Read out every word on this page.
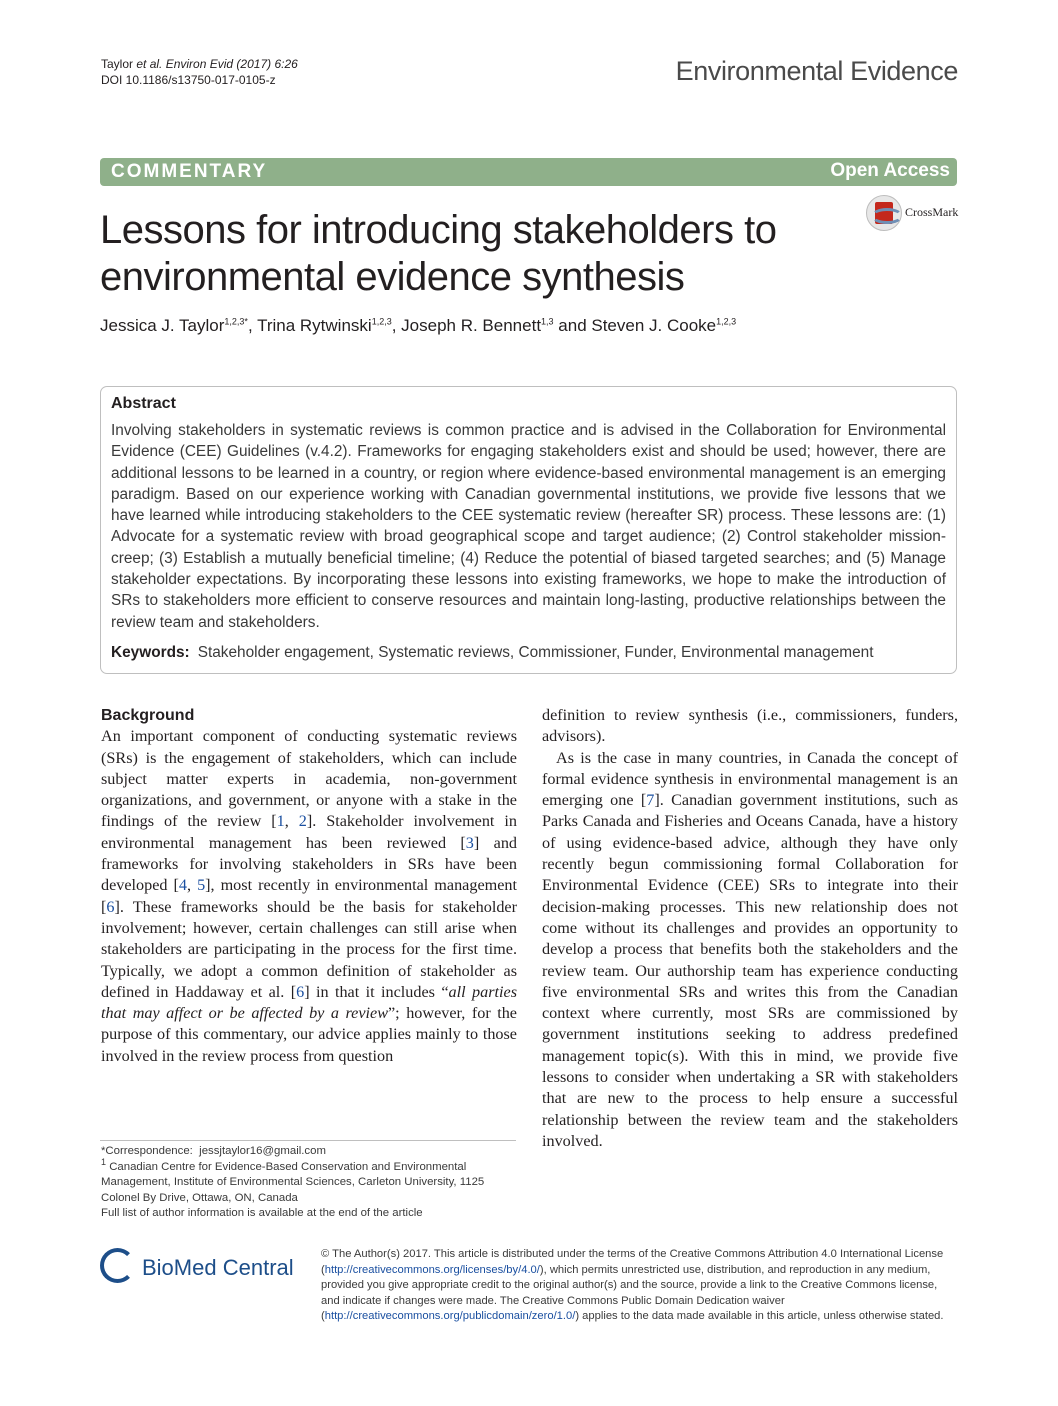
Taylor et al. Environ Evid (2017) 6:26
DOI 10.1186/s13750-017-0105-z	Environmental Evidence
COMMENTARY	Open Access
Lessons for introducing stakeholders to environmental evidence synthesis
CrossMark
Jessica J. Taylor$^{1,2,3*}$, Trina Rytwinski$^{1,2,3}$, Joseph R. Bennett$^{1,3}$ and Steven J. Cooke$^{1,2,3}$
Abstract
Involving stakeholders in systematic reviews is common practice and is advised in the Collaboration for Environmental Evidence (CEE) Guidelines (v.4.2). Frameworks for engaging stakeholders exist and should be used; however, there are additional lessons to be learned in a country, or region where evidence-based environmental management is an emerging paradigm. Based on our experience working with Canadian governmental institutions, we provide five lessons that we have learned while introducing stakeholders to the CEE systematic review (hereafter SR) process. These lessons are: (1) Advocate for a systematic review with broad geographical scope and target audience; (2) Control stakeholder mission-creep; (3) Establish a mutually beneficial timeline; (4) Reduce the potential of biased targeted searches; and (5) Manage stakeholder expectations. By incorporating these lessons into existing frameworks, we hope to make the introduction of SRs to stakeholders more efficient to conserve resources and maintain long-lasting, productive relationships between the review team and stakeholders.
Keywords: Stakeholder engagement, Systematic reviews, Commissioner, Funder, Environmental management
Background

An important component of conducting systematic reviews (SRs) is the engagement of stakeholders, which can include subject matter experts in academia, non-government organizations, and government, or anyone with a stake in the findings of the review [1, 2]. Stakeholder involvement in environmental management has been reviewed [3] and frameworks for involving stakeholders in SRs have been developed [4, 5], most recently in environmental management [6]. These frameworks should be the basis for stakeholder involvement; however, certain challenges can still arise when stakeholders are participating in the process for the first time. Typically, we adopt a common definition of stakeholder as defined in Haddaway et al. [6] in that it includes “all parties that may affect or be affected by a review”; however, for the purpose of this commentary, our advice applies mainly to those involved in the review process from question

definition to review synthesis (i.e., commissioners, funders, advisors).

As is the case in many countries, in Canada the concept of formal evidence synthesis in environmental management is an emerging one [7]. Canadian government institutions, such as Parks Canada and Fisheries and Oceans Canada, have a history of using evidence-based advice, although they have only recently begun commissioning formal Collaboration for Environmental Evidence (CEE) SRs to integrate into their decision-making processes. This new relationship does not come without its challenges and provides an opportunity to develop a process that benefits both the stakeholders and the review team. Our authorship team has experience conducting five environmental SRs and writes this from the Canadian context where currently, most SRs are commissioned by government institutions seeking to address predefined management topic(s). With this in mind, we provide five lessons to consider when undertaking a SR with stakeholders that are new to the process to help ensure a successful relationship between the review team and the stakeholders involved.

*Correspondence: jessjtaylor16@gmail.com

$^1$ Canadian Centre for Evidence-Based Conservation and Environmental Management, Institute of Environmental Sciences, Carleton University, 1125 Colonel By Drive, Ottawa, ON, Canada

Full list of author information is available at the end of the article

BioMed Central

© The Author(s) 2017. This article is distributed under the terms of the Creative Commons Attribution 4.0 International License (http://creativecommons.org/licenses/by/4.0/), which permits unrestricted use, distribution, and reproduction in any medium, provided you give appropriate credit to the original author(s) and the source, provide a link to the Creative Commons license, and indicate if changes were made. The Creative Commons Public Domain Dedication waiver (http://creativecommons.org/publicdomain/zero/1.0/) applies to the data made available in this article, unless otherwise stated.
